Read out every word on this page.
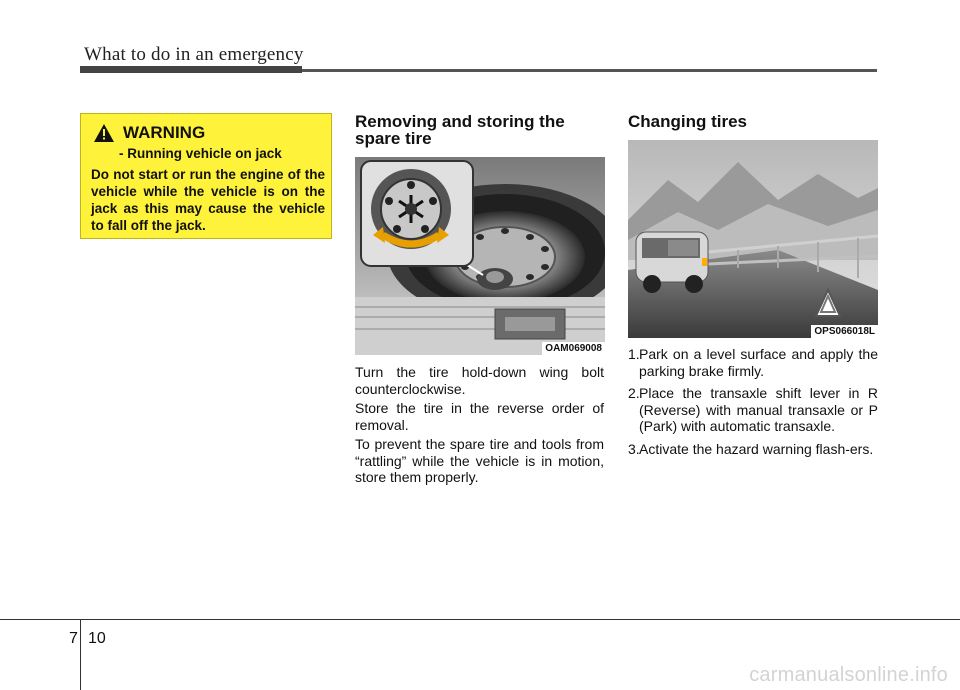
What to do in an emergency
WARNING
- Running vehicle on jack
Do not start or run the engine of the vehicle while the vehicle is on the jack as this may cause the vehicle to fall off the jack.
Removing and storing the spare tire
OAM069008
Turn the tire hold-down wing bolt counterclockwise.
Store the tire in the reverse order of removal.
To prevent the spare tire and tools from “rattling” while the vehicle is in motion, store them properly.
Changing tires
OPS066018L
1. Park on a level surface and apply the parking brake firmly.
2. Place the transaxle shift lever in R (Reverse) with manual transaxle or P (Park) with automatic transaxle.
3. Activate the hazard warning flash-ers.
7 10
carmanualsonline.info
